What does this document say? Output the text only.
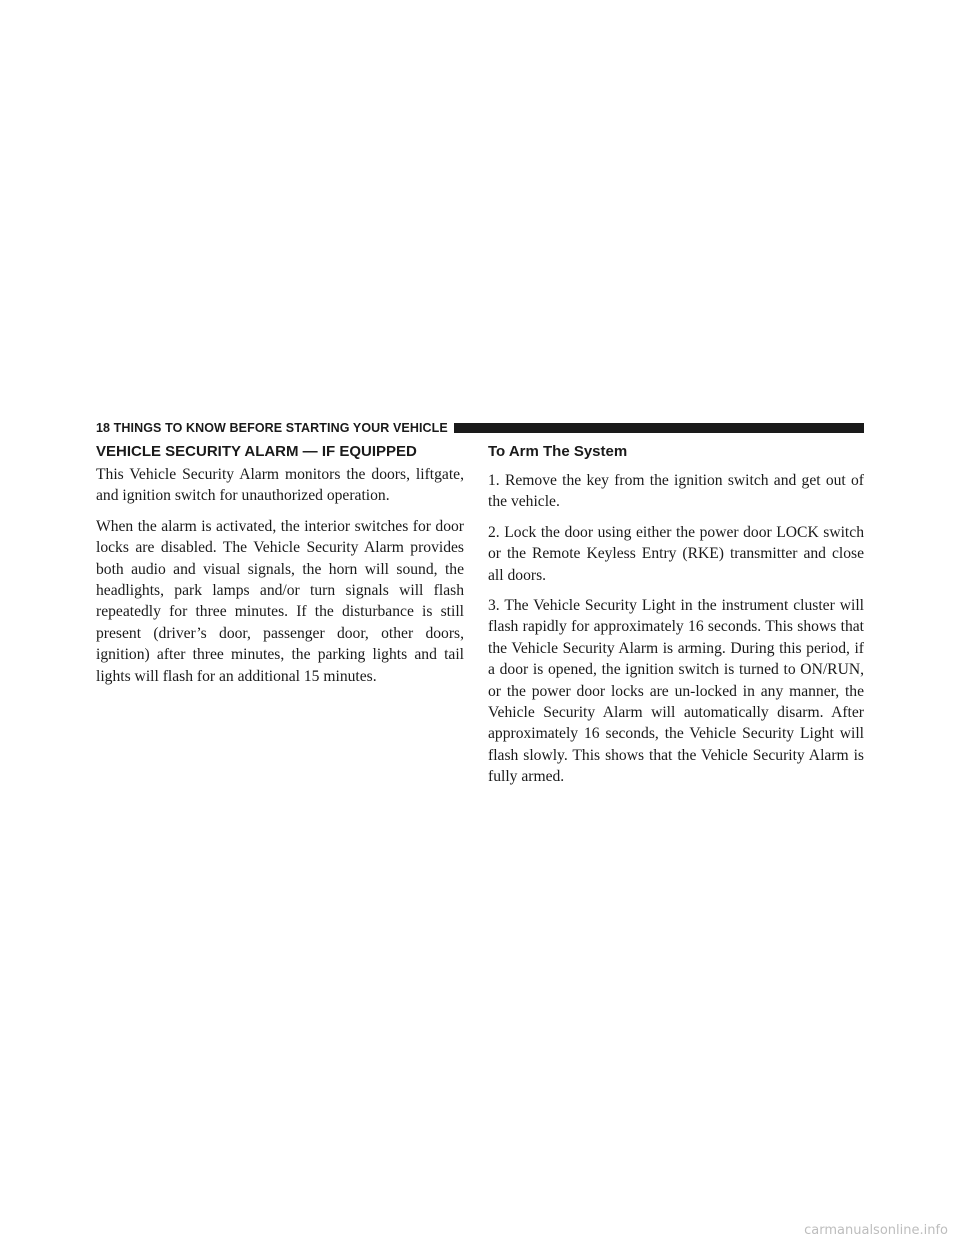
18 THINGS TO KNOW BEFORE STARTING YOUR VEHICLE
VEHICLE SECURITY ALARM — IF EQUIPPED

This Vehicle Security Alarm monitors the doors, liftgate, and ignition switch for unauthorized operation.

When the alarm is activated, the interior switches for door locks are disabled. The Vehicle Security Alarm provides both audio and visual signals, the horn will sound, the headlights, park lamps and/or turn signals will flash repeatedly for three minutes. If the disturbance is still present (driver’s door, passenger door, other doors, ignition) after three minutes, the parking lights and tail lights will flash for an additional 15 minutes.

To Arm The System

1. Remove the key from the ignition switch and get out of the vehicle.

2. Lock the door using either the power door LOCK switch or the Remote Keyless Entry (RKE) transmitter and close all doors.

3. The Vehicle Security Light in the instrument cluster will flash rapidly for approximately 16 seconds. This shows that the Vehicle Security Alarm is arming. During this period, if a door is opened, the ignition switch is turned to ON/RUN, or the power door locks are un-locked in any manner, the Vehicle Security Alarm will automatically disarm. After approximately 16 seconds, the Vehicle Security Light will flash slowly. This shows that the Vehicle Security Alarm is fully armed.

carmanualsonline.info
